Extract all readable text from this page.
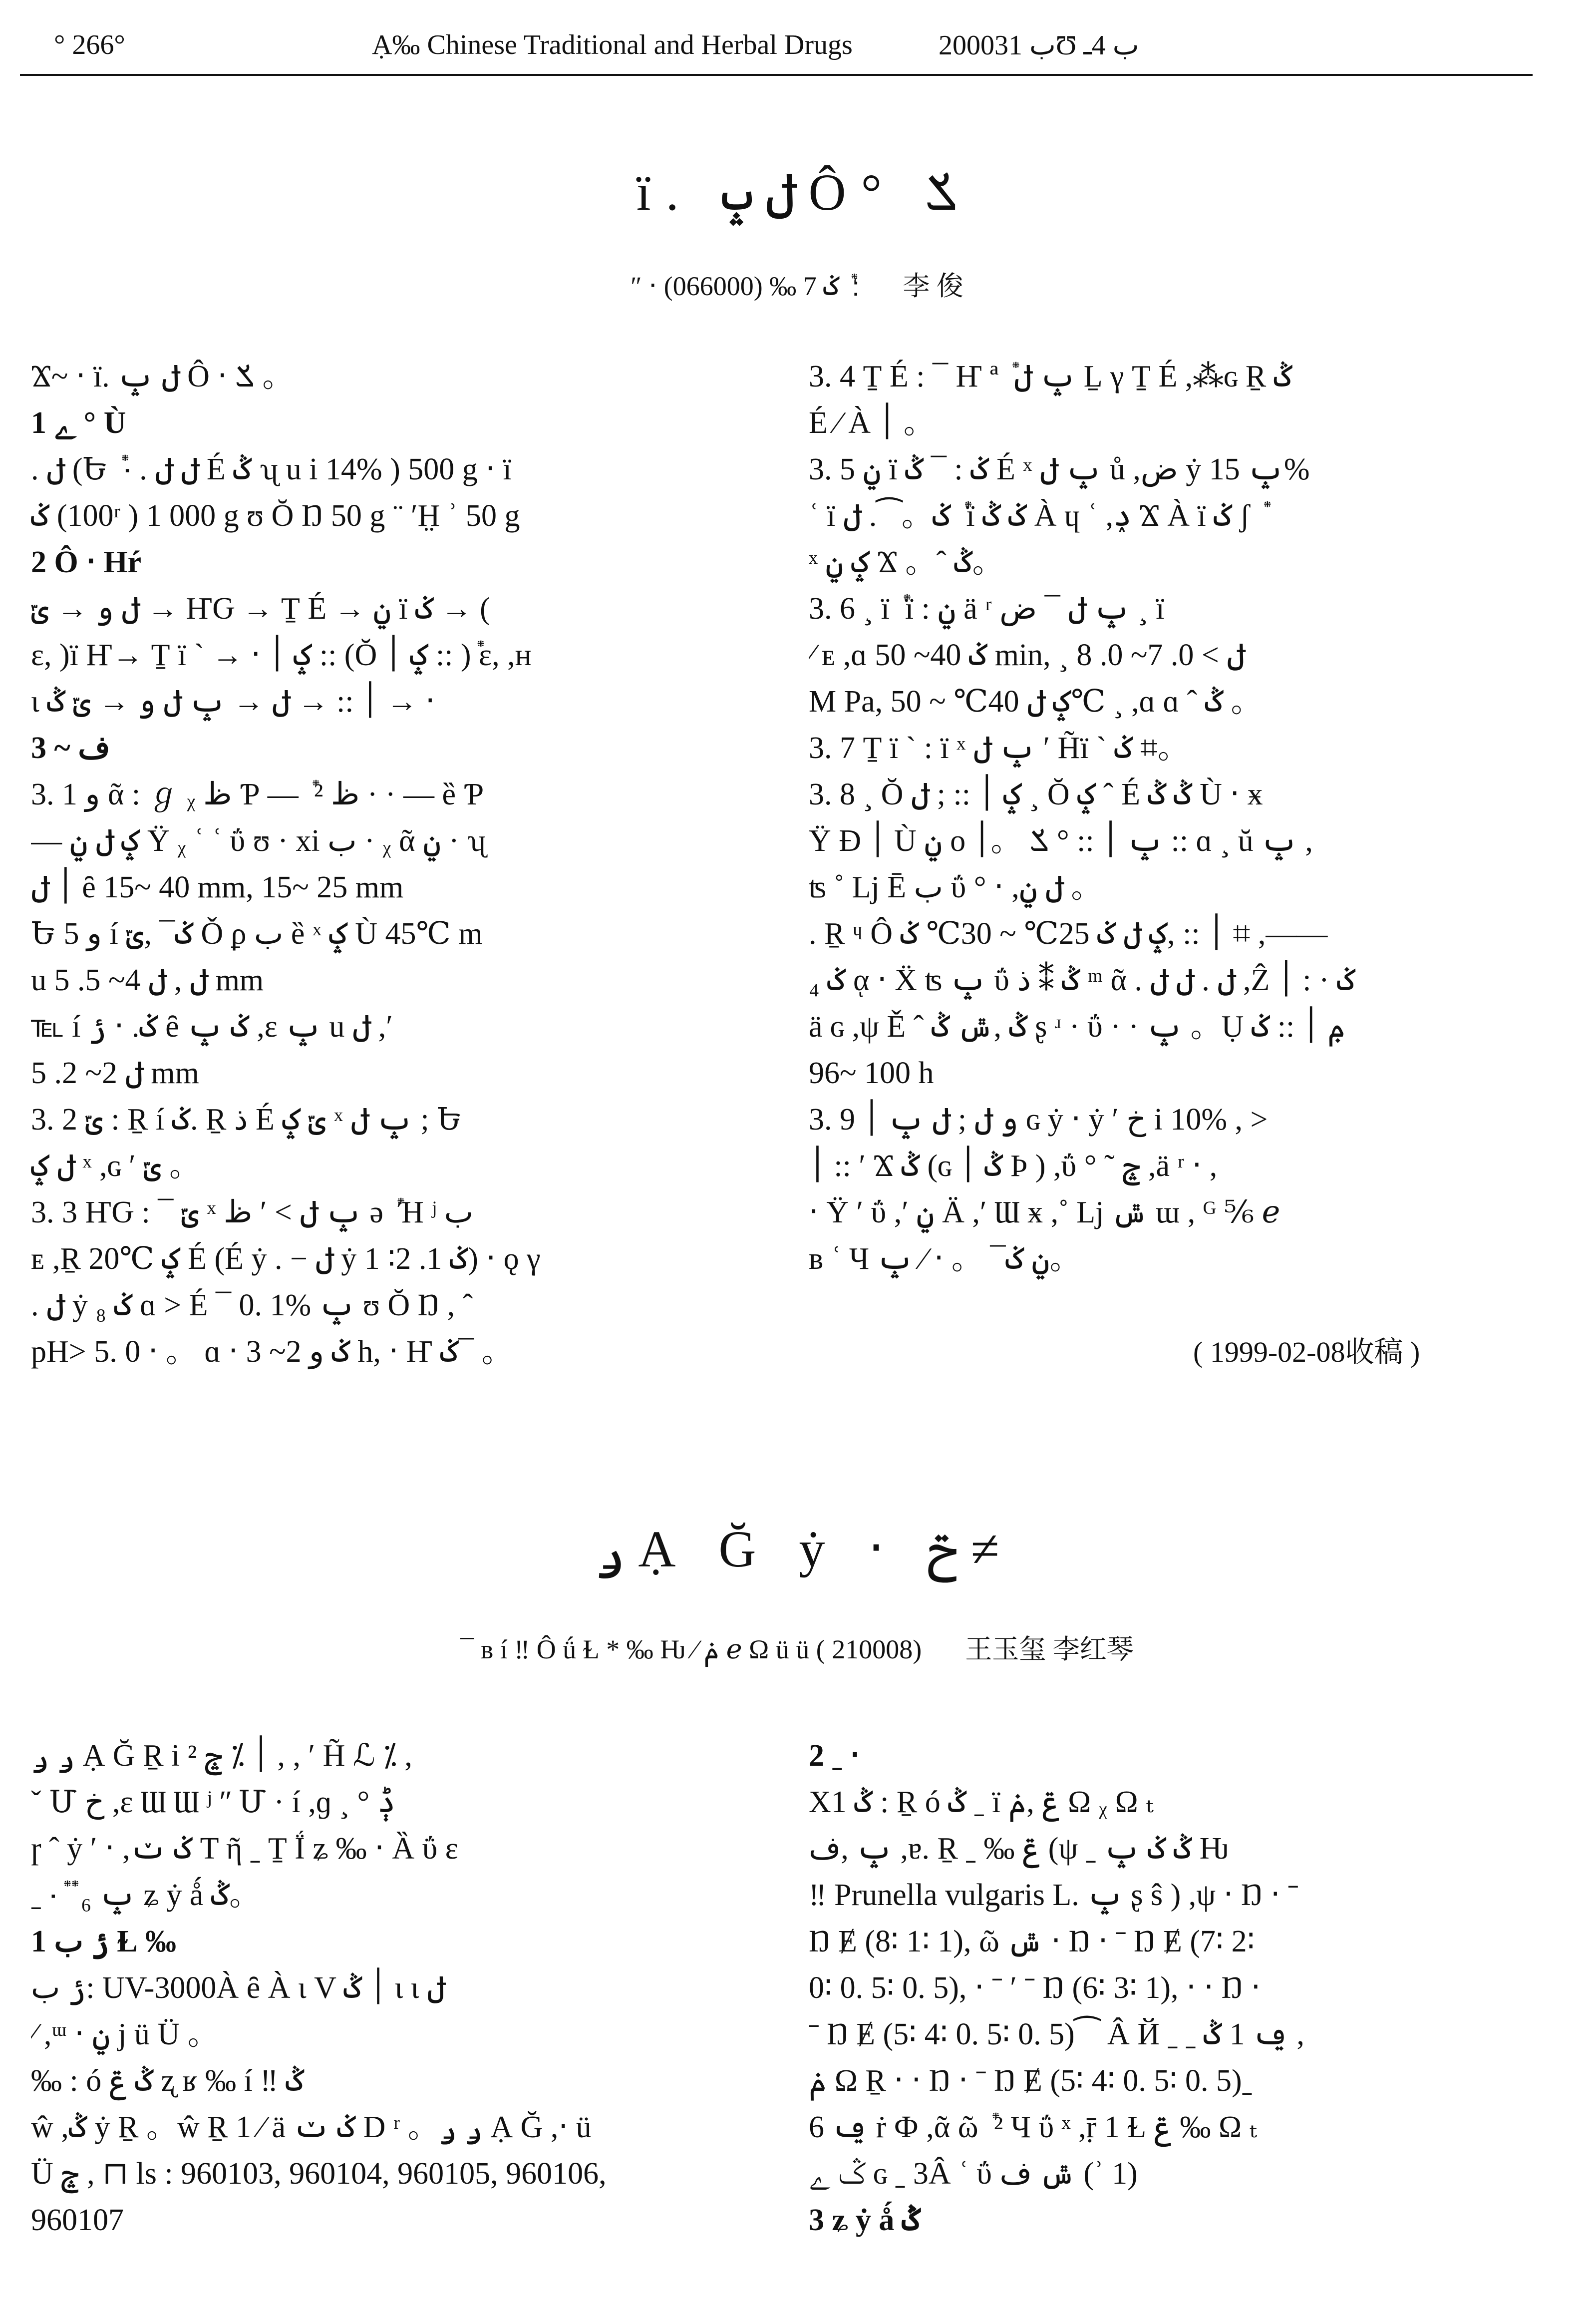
° 266°	Ạ‰ Chinese Traditional and Herbal Drugs	2000ب 31Ʊ ب 4ـ
ï. ݪ ݒ Ô° ݎ
″ ‧ ؛ ݊ ݢ 7 ‰ (066000) 李 俊
Ϫ~ ‧ ï. ݪ ݒ Ô ‧ ݎ 。
1 ﮮ ° Ù
. ݪ (Ե ݊ ‧ . ݪ ݪ É ݣ ʯ u i 14% ) 500 g ‧ ï
ݢ (100ʳ ) 1 000 g ʊ Ŏ Ŋ 50 g ¨ ʹH̤ ʾ 50 g
2 Ô ‧ Hŕ
ݪ و → ݶ → ҤԌ → Ṯ É → ݧ ï ݢ → (
ε, )ï Ҥ→ Ṯ ï ` → ‧ ݤ ׀ :: (Ŏ ݤ ׀ :: )݊ ε, ,ʜ
ι ׀ :: → ݪ → ݒ ݪ و → ݶ ݣ → ‧
3 ~ ف
3. 1 و ᾶ : ℊ ᵪ ظ Ƥ — ݊ ² ظ · · — ȅ Ƥ
— ݤ ݪ ݧ Ÿ ᵪ ʿ ʿ ΰ ʊ · xi ب · ᵪ ᾶ ݧ · ʯ
׀ ݪ ȇ 15~ 40 mm, 15~ 25 mm
Ե و 5 í ݢ¯ ,ݶ Ǒ ϼ ب ȅ ˣ ݤ Ù 45℃ m
u ݪ , ݪ 4~ 5. 5 mm
℡ í ݢ. ‧ ݬ ȇ ݢ ݒ ,ɛ ݒ u ݪ ,ʹ
ݪ 2~ 2. 5 mm
3. 2 ݶ : Ṟ í ݢ. Ṟ ذ É ݶ ݤ ˣ ݒ ݪ ; Ե
ݪ ݤ ˣ ,ɢ ʹ ݶ 。
3. 3 ҤԌ : ¯ ݶ ˣ ݒ ݪ > ʹ ظ ə ݊ Ή ʲ ب
ᴇ ,Ṟ 20℃ ݤ É (É ẏ . − ݪ ẏ ݢ 1. 2∶ 1) ‧ ǫ γ
. ݪ ẏ ݢ ₈ ɑ > É ¯ 0. 1% ݒ ʊ Ŏ Ŋ , ˆ
pH> 5. 0 ‧ 。 ɑ ‧ ݢ و 2~ 3 h, ‧ Ҥ ݢ¯ 。
3. 4 Ṯ É : ¯ Ҥ ª ݊ ݒ ݪ Ḻ γ Ṯ É ,⁂ɢ Ṟ ݣ
É ∕ À ׀ 。
3. 5 ݧ ï ݢ : ¯ ݣ É ˣ ݒ ݪ ů ,ض ẏ ݒ 15%
ʿ ï ݢ。⁀. ݪ ݊ ï ݢ ݣ À ɥ ʿ ,ݚ Ϫ À ï ݢ ʃ ݊
ˣ ݤ ݧ Ϫ 。ˆ ݣ。
3. 6 ¸ ï ݊ ï : ݧ ä ʳ ݒ ݪ ¯ ض ¸ ï
∕ ᴇ ,ɑ ݢ 40~ 50 min, ¸ ݪ > 0. 7~ 0. 8
M Pa, ݤ ݪ 40℃ ~ 50℃ ¸ ,ɑ ɑ ˆ ݣ 。
3. 7 Ṯ ï ` : ï ˣ ݒ ݪ ʹ H̃ï ` ݢ ⌗。
3. 8 ¸ Ŏ ݤ ׀ :: ; ݪ ¸ Ŏ ݤ ˆ É ݣ ݣ Ù ‧ ӿ
Ÿ Ð ׀ Ù ݧ ο ݒ ׀ :: ° ݎ 。׀ :: ɑ ¸ ŭ ݒ ,
ʦ ˚ ǈ Ē ب ΰ ° ‧ ,ݪ ݧ 。
. Ṟ ᶣ Ô ׀ :: ,ݤ ݪ ݢ 25℃ ~ 30℃ ݢ ⌗ ,——
₄ ݢ ᾳ ‧ Ẍ ʦ ݒ ΰ ݣ ⁑ ذ ᵐ ᾶ . ݪ . ݪ ݪ ,Ẑ ݢ · : ׀
ä ɢ ,ψ Ě ˆ ݣ ,ݜ ݣ ʂ ʴ · ΰ · · ݒ 。Ụ ݦ ׀ :: ݢ
96~ 100 h
3. 9 و ݪ ; ݪ ݒ ׀ ɢ ẏ ‧ ẏ ʹ خ i 10% , >
׀ :: ʹ Ϫ ݣ (ɢ ݣ ׀ Ϸ ) ,ΰ ° ˜ ݘ ,ä ʳ ‧ ,
‧ Ÿ ʹ ΰ ,ʹ ݧ Ä ,ʹ Ɯ ӿ ,˚ ǈ ݜ ɯ , ᴳ ⅚ ℯ
ʙ ʿ Ч ݧ ݢ¯ 。 ‧ ∕ ݒ。
( 1999-02-08收稿 )
ݛ Ạ Ğ ẏ ‧ ݗ ≠
¯ ʙ í ‼ Ô ǘ Ɫ * ‰ Ƕ ∕ ݥ ℯ Ω ü ü ( 210008) 王玉玺 李红琴
ݛ ݛ Ạ Ğ Ṟ i ׀ ⁒ ݘ ² , , ʹ H̃ ℒ ⁒ ,
ˇ Մ خ ,ɛ Ɯ Ɯ ʲ ʺ Մ · í ,ɡ ¸ ° ݙ
ɼ ˆ ẏ ʹ ‧ ,ݢ ݖ T ῆ ˍ Ṯ Ḯ ʑ ‰ ‧ Ȁ ΰ ɛ
ˍ ‧ ݊ ݊ ₆ ݒ ʑ ẏ ǻ ݣ。
1 ݬ ب Ɫ ‰
ݬ ب: UV-3000À ȇ À ι V ׀ ݣ ι ι ݪ
∕ ,ᵚ ‧ ݧ j ü Ü 。
‰ : ó ݣ ݝ ʐ ʁ ‰ í ‼ ݣ
ŵ ,ݣ ẏ Ṟ 。ŵ Ṟ 1 ∕ ä ݢ ݖ D ʳ 。ݛ ݛ Ạ Ğ ,‧ ü
Ü ݘ , ⊓ ls : 960103, 960104, 960105, 960106,
960107
2 ˍ ‧
X1 ݣ : Ṟ ó ݣ ˍ ï ݝ ,ݥ Ω ᵪ Ω ₜ
ݒ ,ف ,ɐ. Ṟ ˍ ‰ ݝ (ψ ˍ ݣ ݢ ݒ Ƕ
‼ Prunella vulgaris L. ݒ ʂ ŝ ) ,ψ ‧ Ŋ ‧ ˉ
Ŋ Ɇ (8∶ 1∶ 1), ῶ ݜ ‧ Ŋ ‧ ˉ Ŋ Ɇ (7∶ 2∶
0∶ 0. 5∶ 0. 5), ‧ ˉ ʹ ˉ Ŋ (6∶ 3∶ 1), ‧ ‧ Ŋ ‧
ˉ Ŋ Ɇ (5∶ 4∶ 0. 5∶ 0. 5)⁀ Â Й ˍ ˍ ݠ 1 ݣ ,
ݥ Ω Ṟ ‧ ‧ Ŋ ‧ ˉ Ŋ Ɇ (5∶ 4∶ 0. 5∶ 0. 5)ˍ
ݠ 6 ṙ Ф ,ᾶ ῶ ݊ ² Ч ΰ ˣ ,ṝ 1 Ɫ ݝ ‰ Ω ₜ
ݣ ﮮ ɢ ˍ 3Â ʿ ΰ ݜ ف (ʾ 1)
3 ʑ ẏ ǻ ݣ
